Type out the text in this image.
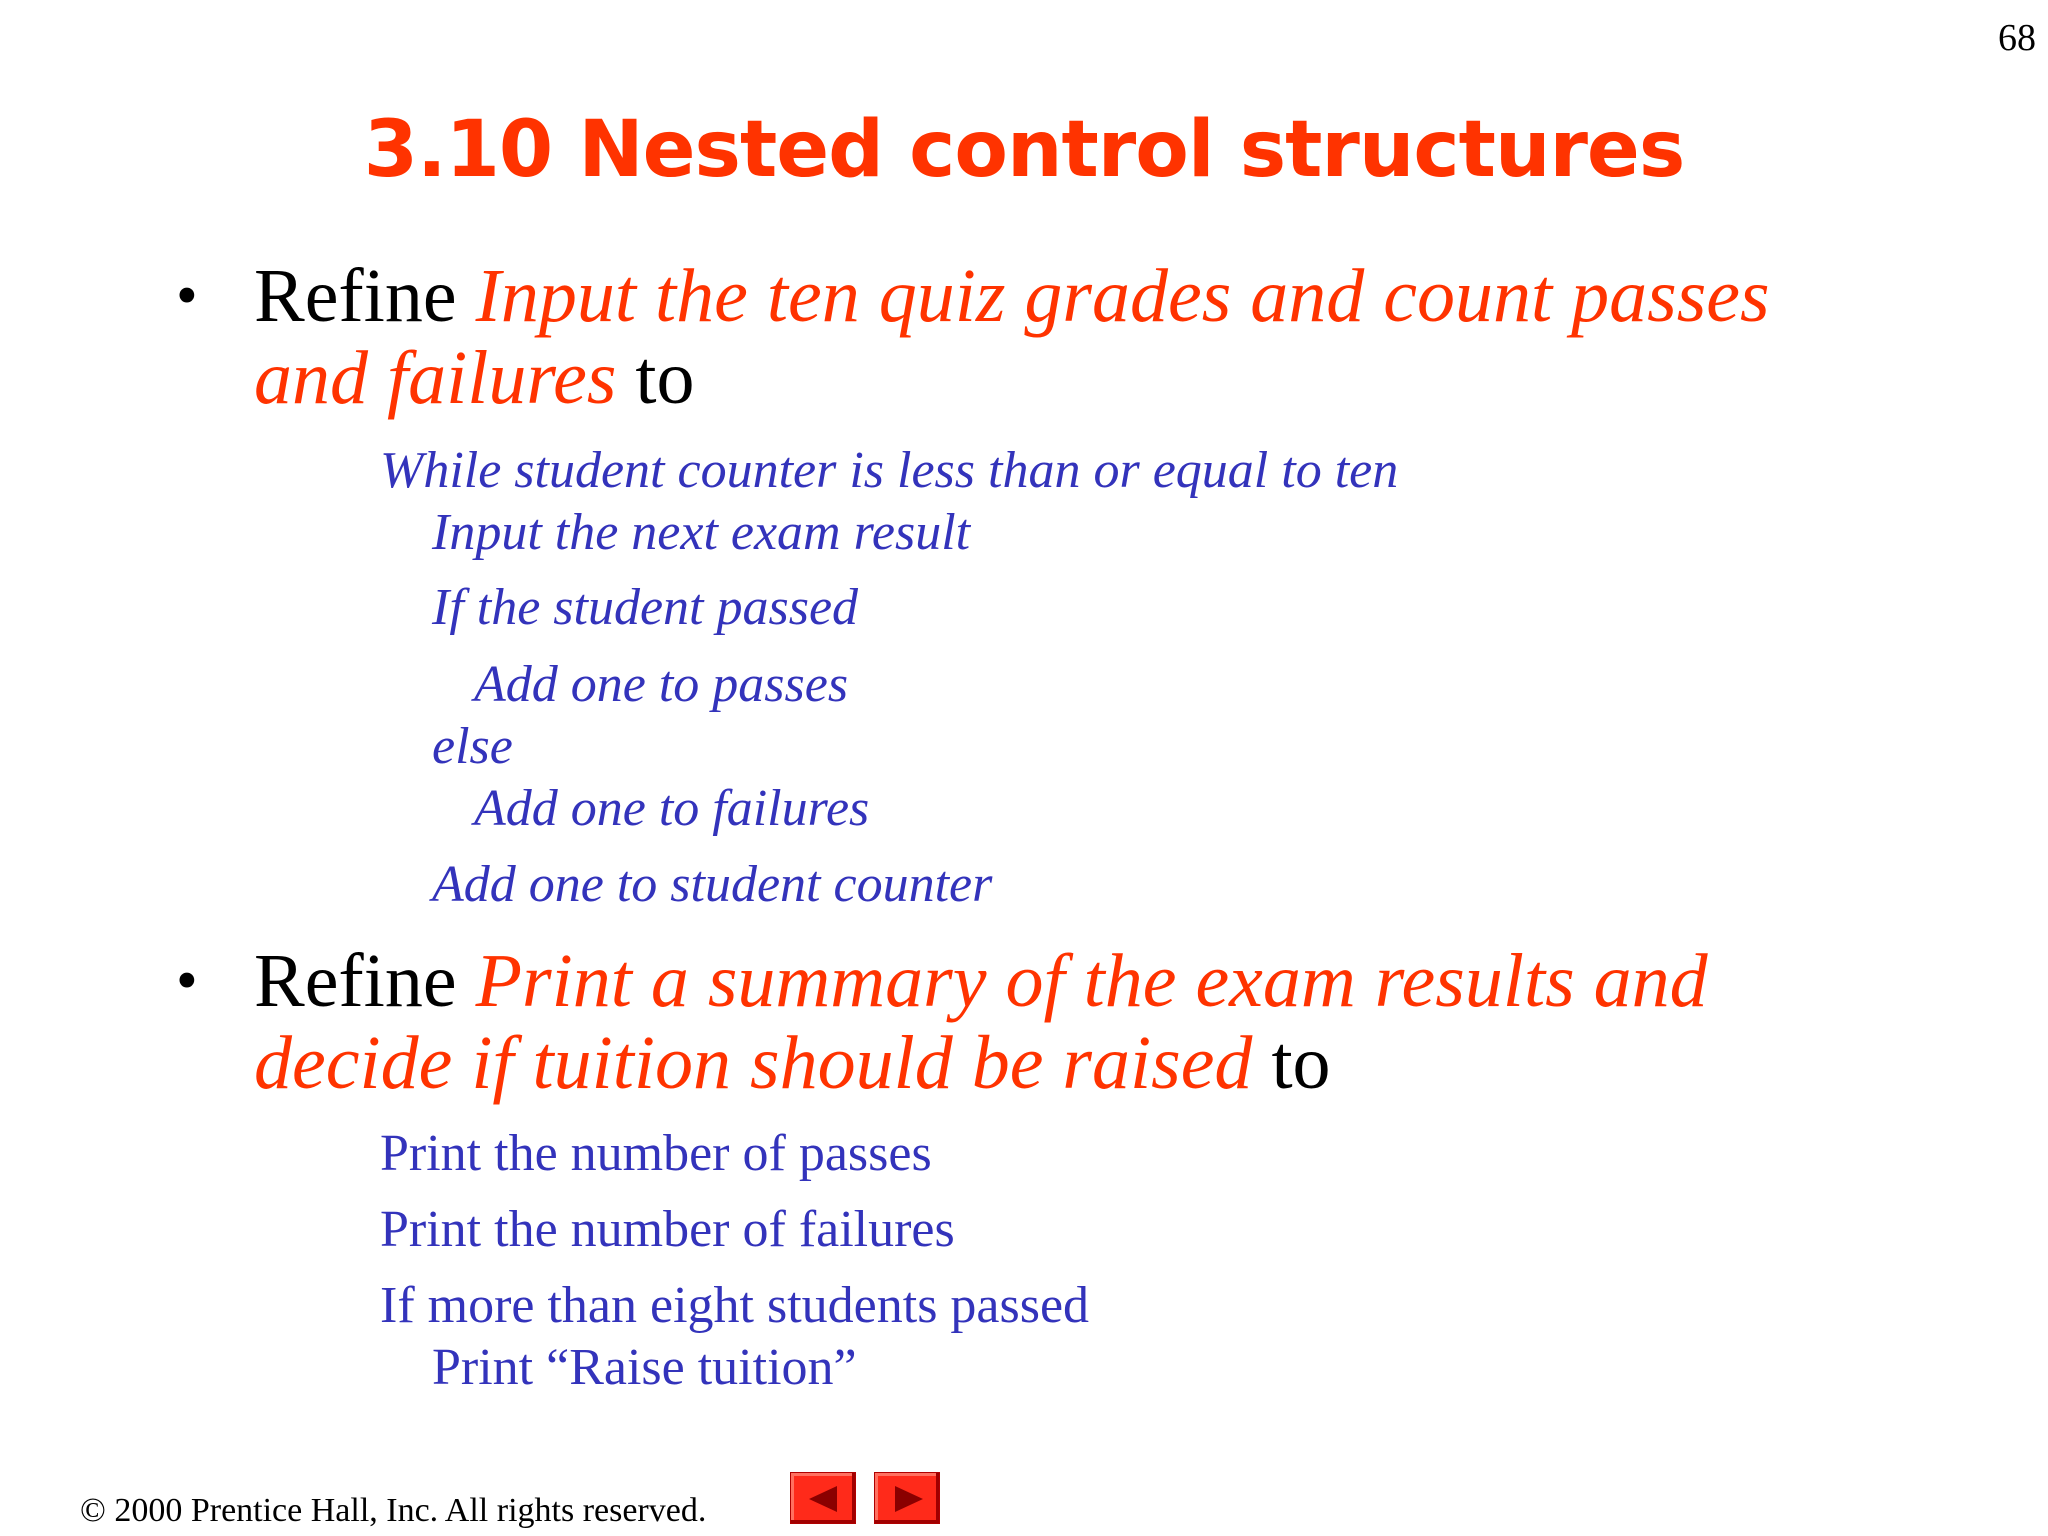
68
3.10 Nested control structures
• Refine Input the ten quiz grades and count passes
and failures to
While student counter is less than or equal to ten
Input the next exam result
If the student passed
Add one to passes
else
Add one to failures
Add one to student counter
• Refine Print a summary of the exam results and
decide if tuition should be raised to
Print the number of passes
Print the number of failures
If more than eight students passed
Print “Raise tuition”
© 2000 Prentice Hall, Inc. All rights reserved.
